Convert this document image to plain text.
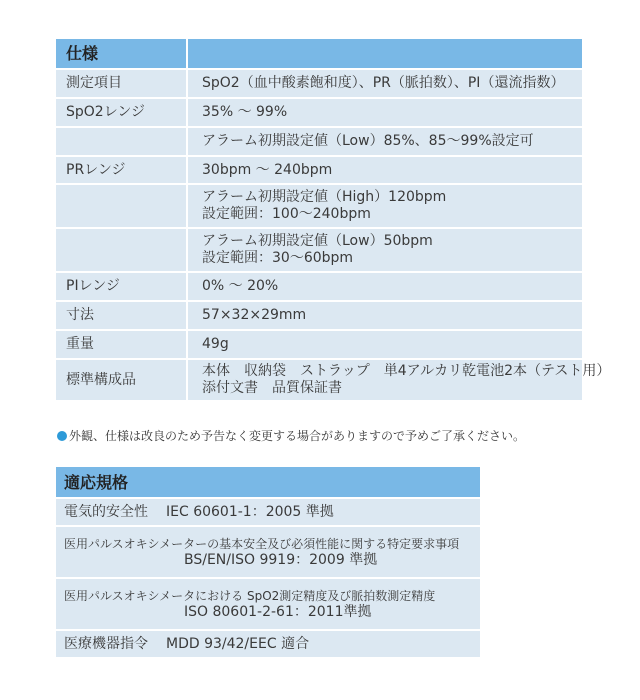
仕様	
測定項目	SpO2（血中酸素飽和度）、PR（脈拍数）、PI（還流指数）
SpO2レンジ	35% ～ 99%
	アラーム初期設定値（Low）85%、85～99%設定可
PRレンジ	30bpm ～ 240bpm

	アラーム初期設定値（High）120bpm
設定範囲：100～240bpm

	アラーム初期設定値（Low）50bpm
設定範囲：30～60bpm

PIレンジ	0% ～ 20%
寸法	57×32×29mm
重量	49g
標準構成品	本体　収納袋　ストラップ　単4アルカリ乾電池2本（テスト用）
添付文書　品質保証書
外観、仕様は改良のため予告なく変更する場合がありますので予めご了承ください。
適応規格
電気的安全性 IEC 60601-1：2005 準拠

医用パルスオキシメーターの基本安全及び必須性能に関する特定要求事項
BS/EN/ISO 9919：2009 準拠

医用パルスオキシメータにおける SpO2測定精度及び脈拍数測定精度
ISO 80601-2-61：2011準拠

医療機器指令 MDD 93/42/EEC 適合
